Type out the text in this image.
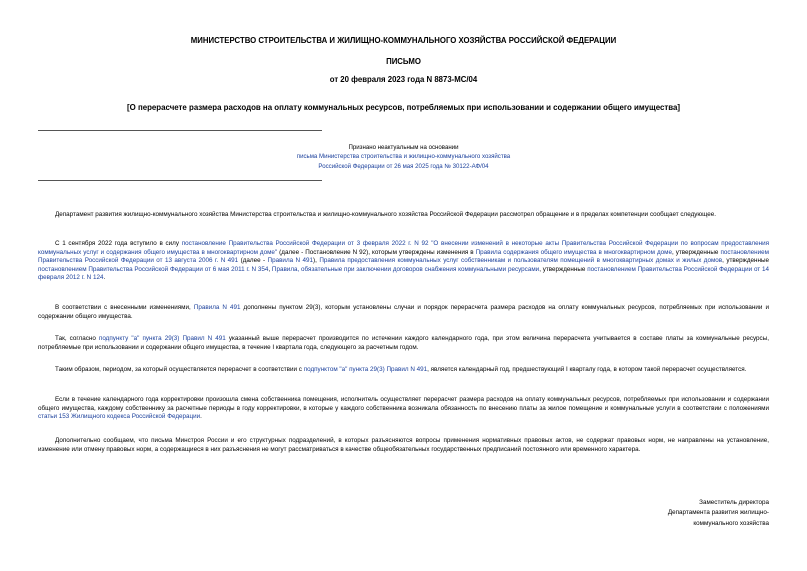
МИНИСТЕРСТВО СТРОИТЕЛЬСТВА И ЖИЛИЩНО-КОММУНАЛЬНОГО ХОЗЯЙСТВА РОССИЙСКОЙ ФЕДЕРАЦИИ
ПИСЬМО
от 20 февраля 2023 года N 8873-МС/04
[О перерасчете размера расходов на оплату коммунальных ресурсов, потребляемых при использовании и содержании общего имущества]
Признано неактуальным на основании
письма Министерства строительства и жилищно-коммунального хозяйства
Российской Федерации от 26 мая 2025 года № 30122-АФ/04

Департамент развития жилищно-коммунального хозяйства Министерства строительства и жилищно-коммунального хозяйства Российской Федерации рассмотрел обращение и в пределах компетенции сообщает следующее.

С 1 сентября 2022 года вступило в силу постановление Правительства Российской Федерации от 3 февраля 2022 г. N 92 "О внесении изменений в некоторые акты Правительства Российской Федерации по вопросам предоставления коммунальных услуг и содержания общего имущества в многоквартирном доме" (далее - Постановление N 92), которым утверждены изменения в Правила содержания общего имущества в многоквартирном доме, утвержденные постановлением Правительства Российской Федерации от 13 августа 2006 г. N 491 (далее - Правила N 491), Правила предоставления коммунальных услуг собственникам и пользователям помещений в многоквартирных домах и жилых домов, утвержденные постановлением Правительства Российской Федерации от 6 мая 2011 г. N 354, Правила, обязательные при заключении договоров снабжения коммунальными ресурсами, утвержденные постановлением Правительства Российской Федерации от 14 февраля 2012 г. N 124.

В соответствии с внесенными изменениями, Правила N 491 дополнены пунктом 29(3), которым установлены случаи и порядок перерасчета размера расходов на оплату коммунальных ресурсов, потребляемых при использовании и содержании общего имущества.

Так, согласно подпункту "а" пункта 29(3) Правил N 491 указанный выше перерасчет производится по истечении каждого календарного года, при этом величина перерасчета учитывается в составе платы за коммунальные ресурсы, потребляемые при использовании и содержании общего имущества, в течение I квартала года, следующего за расчетным годом.

Таким образом, периодом, за который осуществляется перерасчет в соответствии с подпунктом "а" пункта 29(3) Правил N 491, является календарный год, предшествующий I кварталу года, в котором такой перерасчет осуществляется.

Если в течение календарного года корректировки произошла смена собственника помещения, исполнитель осуществляет перерасчет размера расходов на оплату коммунальных ресурсов, потребляемых при использовании и содержании общего имущества, каждому собственнику за расчетные периоды в году корректировки, в которые у каждого собственника возникала обязанность по внесению платы за жилое помещение и коммунальные услуги в соответствии с положениями статьи 153 Жилищного кодекса Российской Федерации.

Дополнительно сообщаем, что письма Минстроя России и его структурных подразделений, в которых разъясняются вопросы применения нормативных правовых актов, не содержат правовых норм, не направлены на установление, изменение или отмену правовых норм, а содержащиеся в них разъяснения не могут рассматриваться в качестве общеобязательных государственных предписаний постоянного или временного характера.

Заместитель директора
Департамента развития жилищно-
коммунального хозяйства
